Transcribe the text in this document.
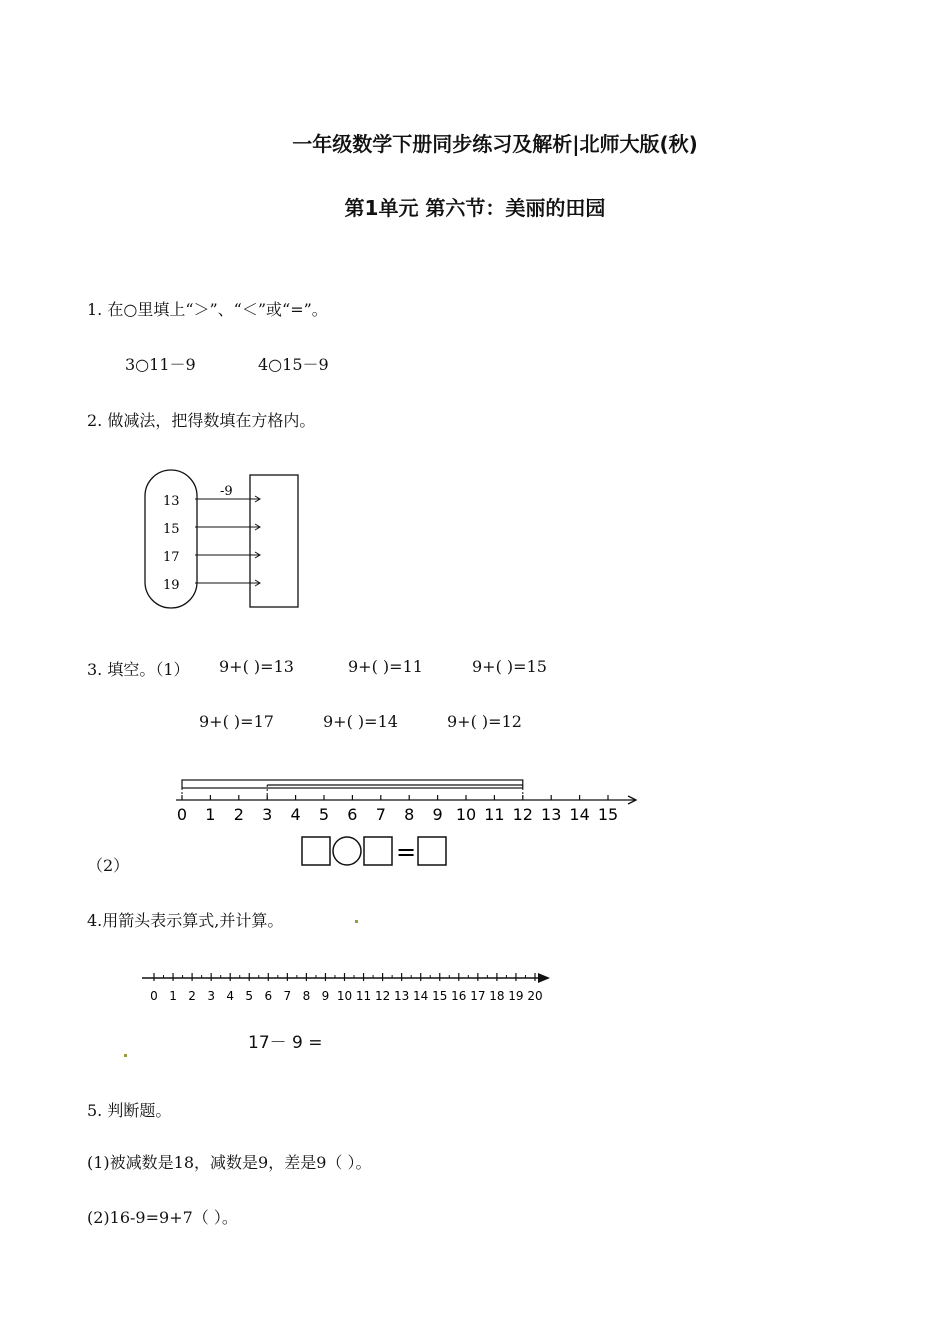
一年级数学下册同步练习及解析|北师大版(秋)
第1单元 第六节：美丽的田园
1. 在○里填上“＞”、“＜”或“=”。
3○11－9	4○15－9
2. 做减法，把得数填在方格内。
-9
13
15
17
19
3. 填空。（1） 9+( )=13	9+( )=11	9+( )=15
9+( )=17	9+( )=14	9+( )=12
0 1 2 3 4 5 6 7 8 9 10 11 12 13 14 15
（2）	=
4.用箭头表示算式,并计算。
0 1 2 3 4 5 6 7 8 9 10 11 12 13 14 15 16 17 18 19 20
17－ 9 =
5. 判断题。
(1)被减数是18，减数是9，差是9（ ）。
(2)16-9=9+7（ ）。
